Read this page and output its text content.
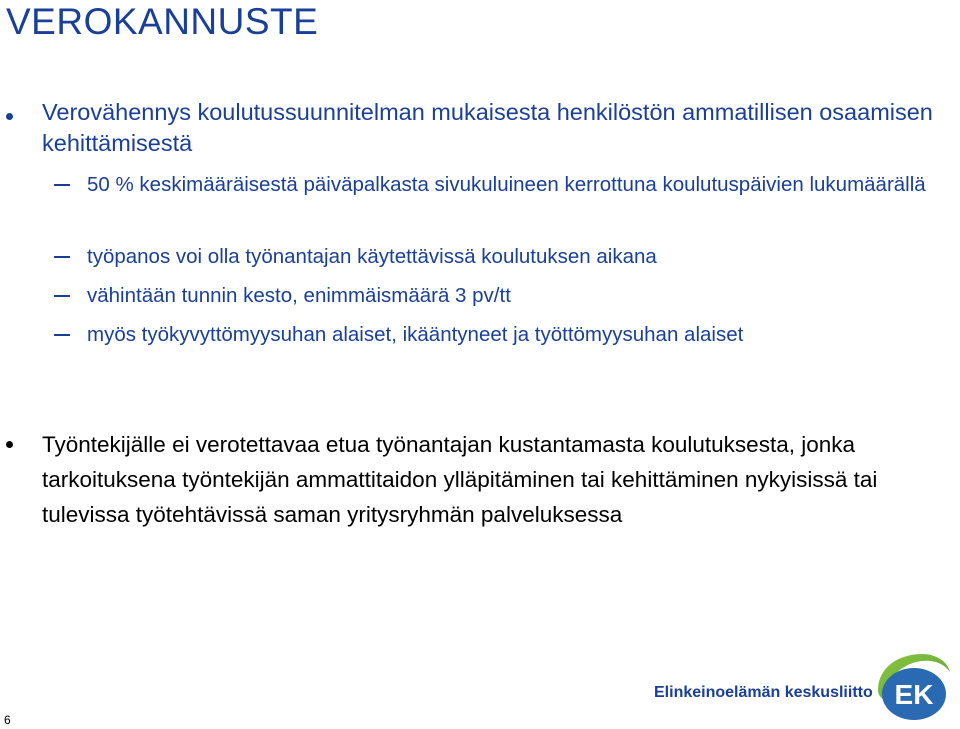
VEROKANNUSTE
Verovähennys koulutussuunnitelman mukaisesta henkilöstön ammatillisen osaamisen kehittämisestä
50 % keskimääräisestä päiväpalkasta sivukuluineen kerrottuna koulutuspäivien lukumäärällä
työpanos voi olla työnantajan käytettävissä koulutuksen aikana
vähintään tunnin kesto, enimmäismäärä 3 pv/tt
myös työkyvyttömyysuhan alaiset, ikääntyneet ja työttömyysuhan alaiset
Työntekijälle ei verotettavaa etua työnantajan kustantamasta koulutuksesta, jonka tarkoituksena työntekijän ammattitaidon ylläpitäminen tai kehittäminen nykyisissä tai tulevissa työtehtävissä saman yritysryhmän palveluksessa
6
Elinkeinoelämän keskusliitto EK
